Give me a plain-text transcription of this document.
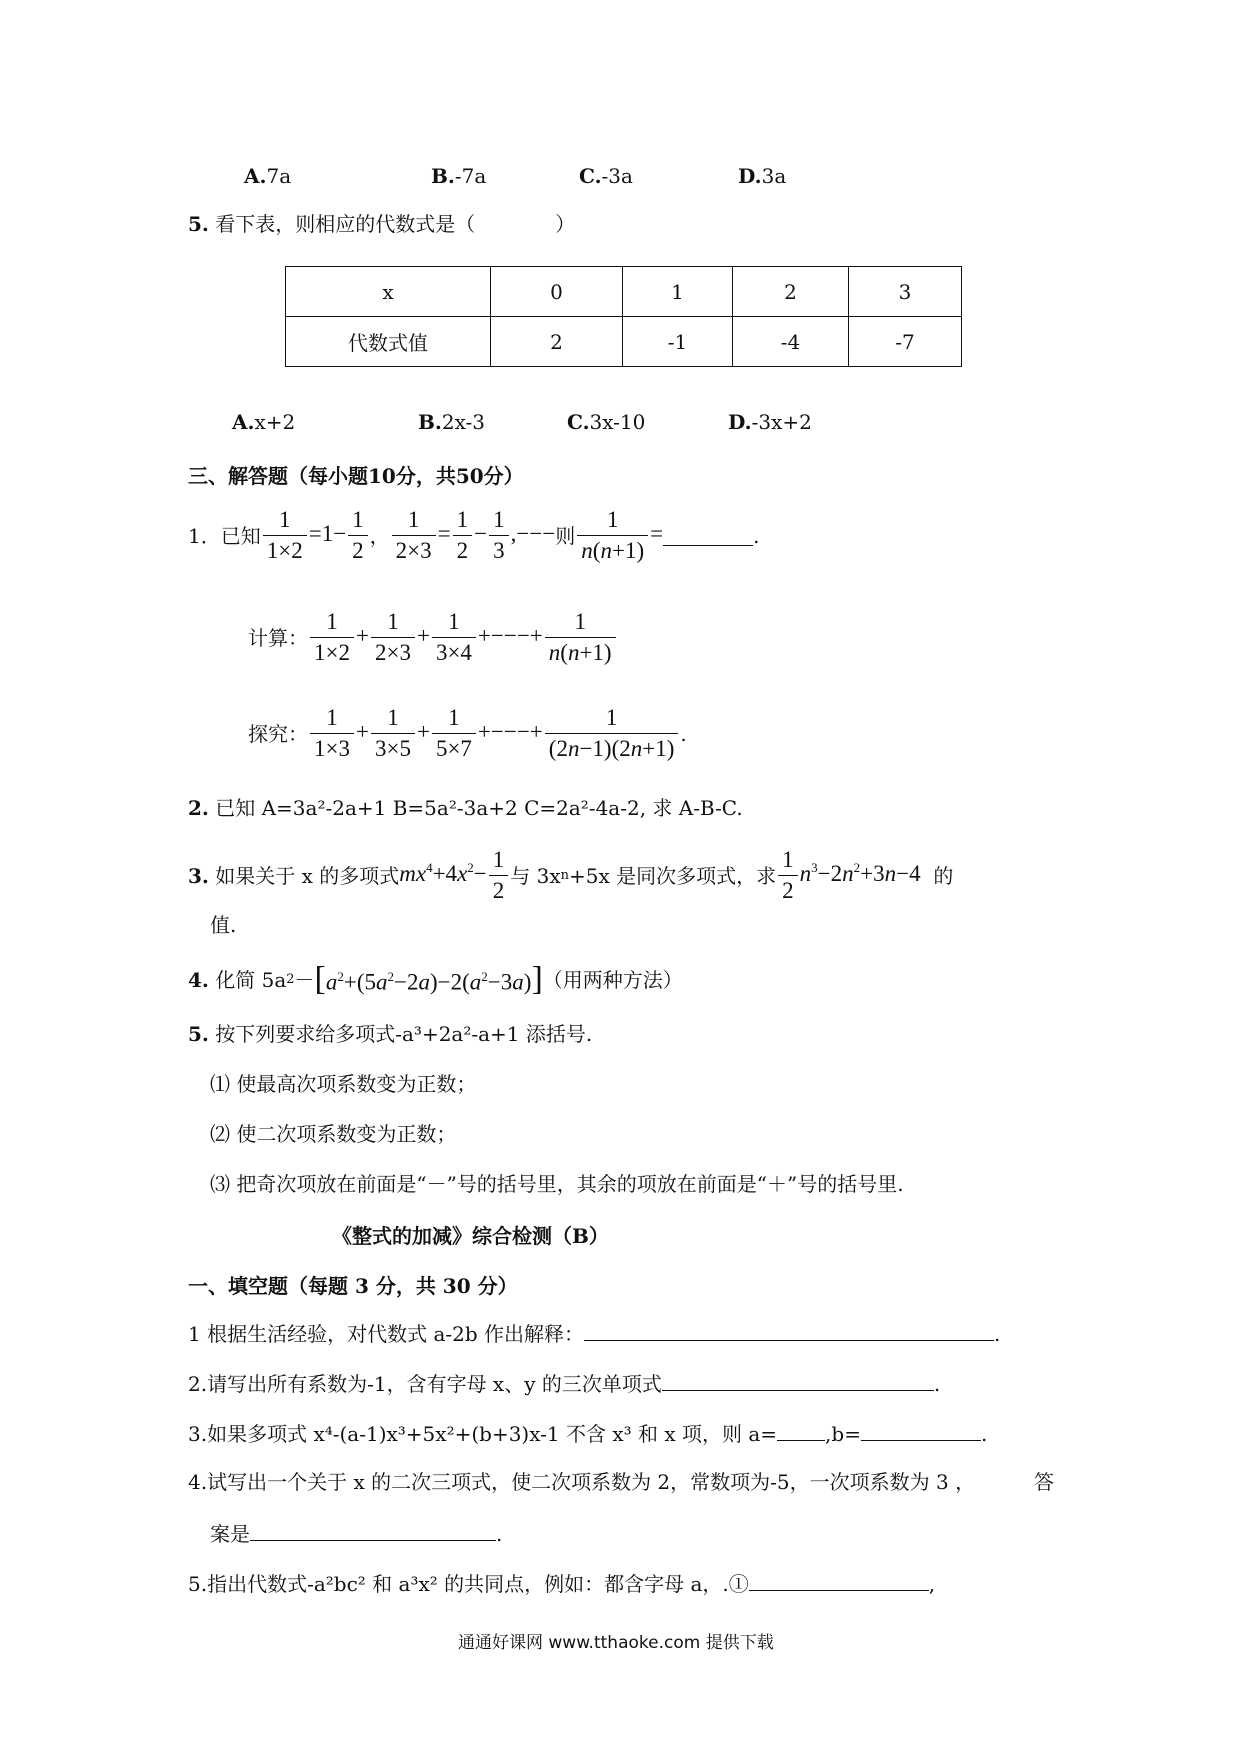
A.7a	B.-7a	C.-3a	D.3a
5. 看下表，则相应的代数式是（	）
x	0	1	2	3
代数式值	2	-1	-4	-7
A.x+2	B.2x-3	C.3x-10	D.-3x+2
三、解答题（每小题10分，共50分）
1． 已知 $\frac{1}{1\times 2} =1- \frac{1}{2}$ ， $\frac{1}{2\times 3} = \frac{1}{2} - \frac{1}{3}$ ,−−− 则 $\frac{1}{n(n+1)}$ =	.
计算： $\frac{1}{1\times 2} + \frac{1}{2\times 3} + \frac{1}{3\times 4}$ +−−−+ $\frac{1}{n(n+1)}$
探究： $\frac{1}{1\times 3} + \frac{1}{3\times 5} + \frac{1}{5\times 7}$ +−−−+ $\frac{1}{(2n-1)(2n+1)}$ .
2. 已知 A=3a²-2a+1 B=5a²-3a+2 C=2a²-4a-2, 求 A-B-C.
3.
如果关于 x 的多项式 $mx^4+4x^2- \frac{1}{2}$ 与 3x n +5x 是同次多项式，求 $\frac{1}{2} n^3-2n^2+3n-4$
的
值.
4.
化简 5a $2 - [a^2+(5a^2-2a)-2(a^2-3a)]$ （用两种方法）
5. 按下列要求给多项式-a³+2a²-a+1 添括号.
⑴ 使最高次项系数变为正数；
⑵ 使二次项系数变为正数；
⑶ 把奇次项放在前面是“－”号的括号里，其余的项放在前面是“＋”号的括号里.
《整式的加减》综合检测（B）
一、填空题（每题 3 分，共 30 分）
1 根据生活经验，对代数式 a-2b 作出解释：	.
2.请写出所有系数为-1，含有字母 x、y 的三次单项式	.
3.如果多项式 x⁴-(a-1)x³+5x²+(b+3)x-1 不含 x³ 和 x 项，则 a= ,b=	.
4.试写出一个关于 x 的二次三项式，使二次项系数为 2，常数项为-5，一次项系数为 3 ，	答
案是	.
5.指出代数式-a²bc² 和 a³x² 的共同点，例如：都含字母 a，.①	,
通通好课网 www.tthaoke.com 提供下载
